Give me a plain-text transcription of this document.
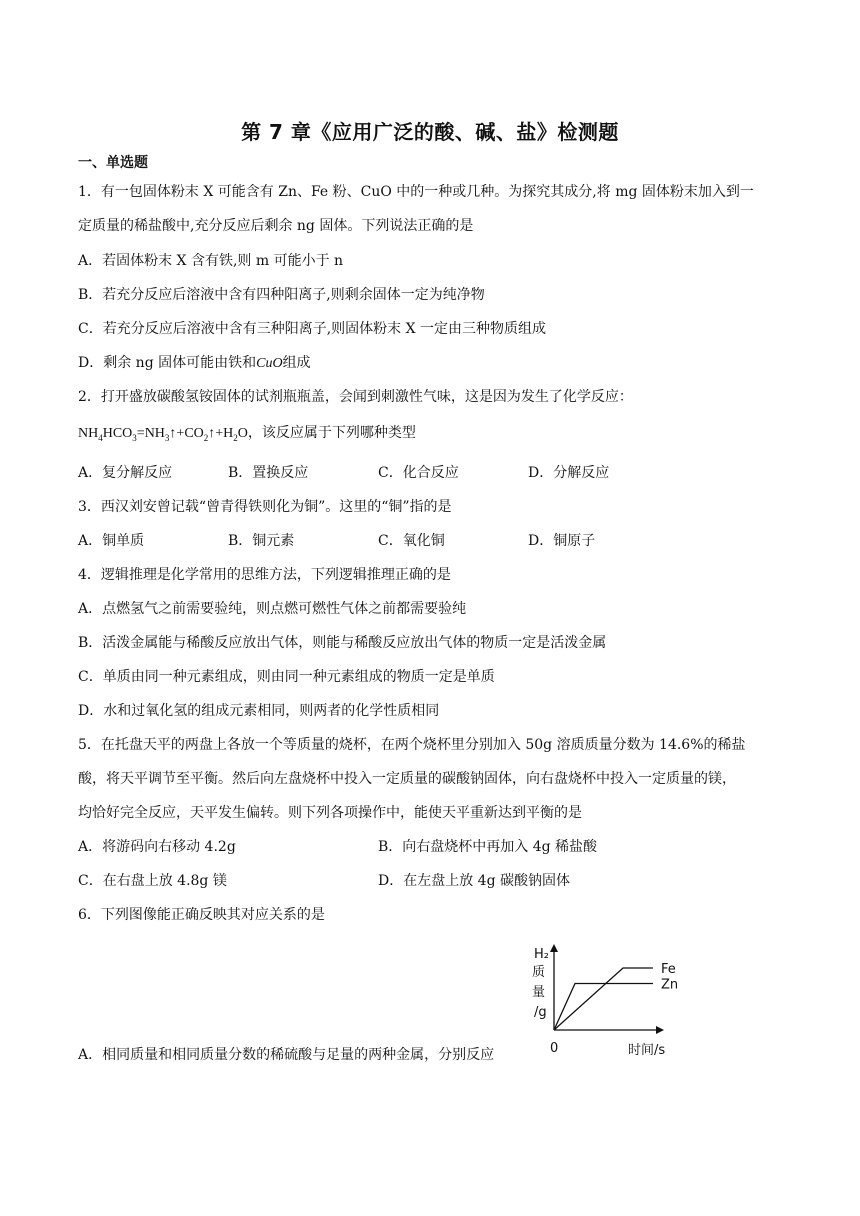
第 7 章《应用广泛的酸、碱、盐》检测题
一、单选题
1．有一包固体粉末 X 可能含有 Zn、Fe 粉、CuO 中的一种或几种。为探究其成分,将 mg 固体粉末加入到一
定质量的稀盐酸中,充分反应后剩余 ng 固体。下列说法正确的是
A．若固体粉末 X 含有铁,则 m 可能小于 n
B．若充分反应后溶液中含有四种阳离子,则剩余固体一定为纯净物
C．若充分反应后溶液中含有三种阳离子,则固体粉末 X 一定由三种物质组成
D．剩余 ng 固体可能由铁和CuO组成
2．打开盛放碳酸氢铵固体的试剂瓶瓶盖，会闻到刺激性气味，这是因为发生了化学反应：
$NH_4HCO_3=NH_3↑+CO_2↑+H_2O$，该反应属于下列哪种类型
A．复分解反应	B．置换反应	C．化合反应	D．分解反应
3．西汉刘安曾记载“曾青得铁则化为铜”。这里的“铜”指的是
A．铜单质	B．铜元素	C．氧化铜	D．铜原子
4．逻辑推理是化学常用的思维方法，下列逻辑推理正确的是
A．点燃氢气之前需要验纯，则点燃可燃性气体之前都需要验纯
B．活泼金属能与稀酸反应放出气体，则能与稀酸反应放出气体的物质一定是活泼金属
C．单质由同一种元素组成，则由同一种元素组成的物质一定是单质
D．水和过氧化氢的组成元素相同，则两者的化学性质相同
5．在托盘天平的两盘上各放一个等质量的烧杯，在两个烧杯里分别加入 50g 溶质质量分数为 14.6%的稀盐
酸，将天平调节至平衡。然后向左盘烧杯中投入一定质量的碳酸钠固体，向右盘烧杯中投入一定质量的镁，
均恰好完全反应，天平发生偏转。则下列各项操作中，能使天平重新达到平衡的是
A．将游码向右移动 4.2g	B．向右盘烧杯中再加入 4g 稀盐酸
C．在右盘上放 4.8g 镁	D．在左盘上放 4g 碳酸钠固体
6．下列图像能正确反映其对应关系的是
A．相同质量和相同质量分数的稀硫酸与足量的两种金属，分别反应
H₂
质
量
/g
0	时间/s
Fe
Zn
